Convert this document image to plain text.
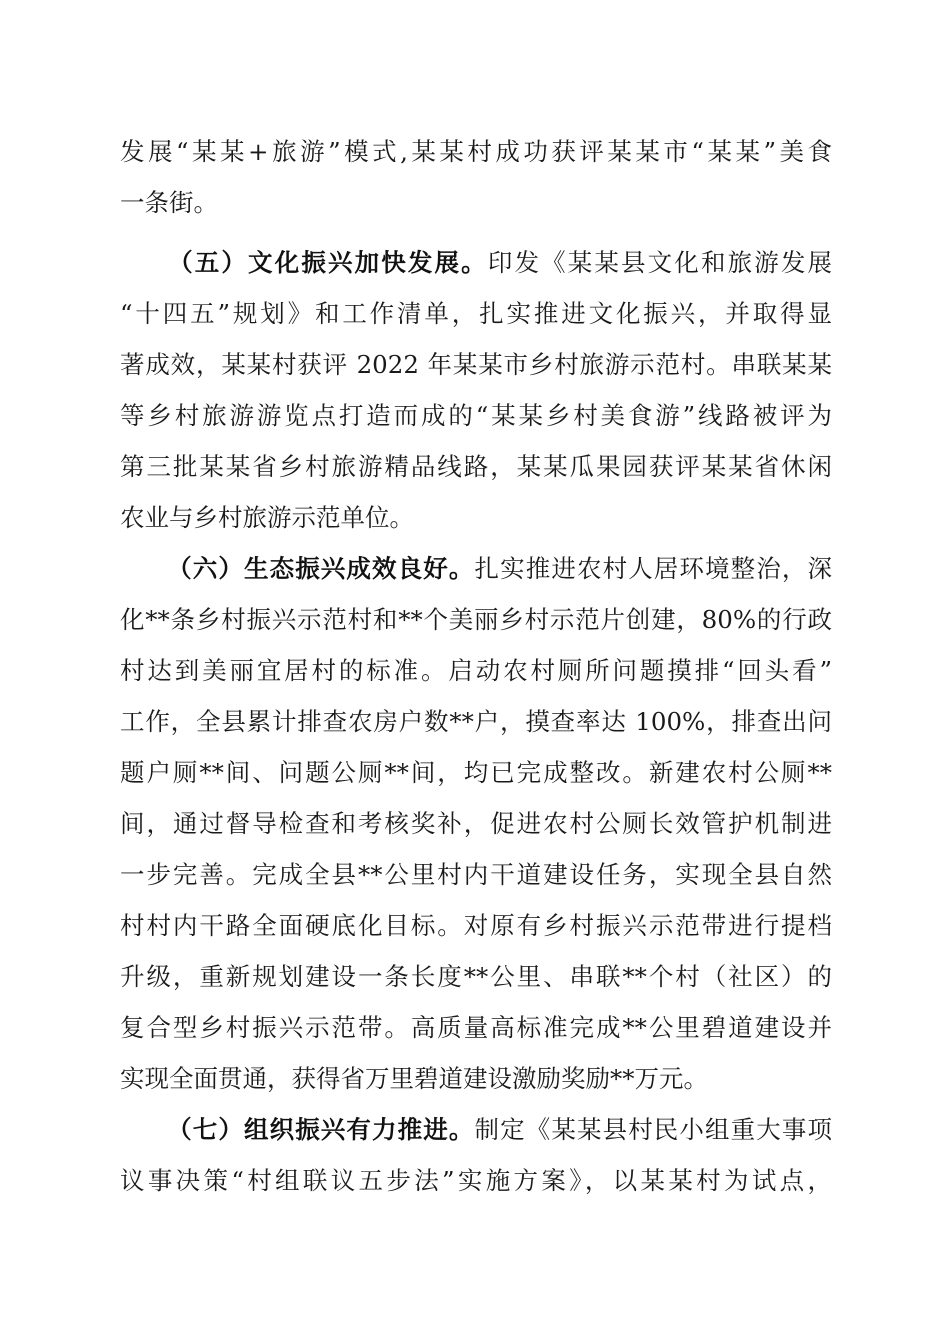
发展“某某+旅游”模式,某某村成功获评某某市“某某”美食
一条街。
（五）文化振兴加快发展。印发《某某县文化和旅游发展
“十四五”规划》和工作清单，扎实推进文化振兴，并取得显
著成效，某某村获评 2022 年某某市乡村旅游示范村。串联某某
等乡村旅游游览点打造而成的“某某乡村美食游”线路被评为
第三批某某省乡村旅游精品线路，某某瓜果园获评某某省休闲
农业与乡村旅游示范单位。
（六）生态振兴成效良好。扎实推进农村人居环境整治，深
化**条乡村振兴示范村和**个美丽乡村示范片创建，80%的行政
村达到美丽宜居村的标准。启动农村厕所问题摸排“回头看”
工作，全县累计排查农房户数**户，摸查率达 100%，排查出问
题户厕**间、问题公厕**间，均已完成整改。新建农村公厕**
间，通过督导检查和考核奖补，促进农村公厕长效管护机制进
一步完善。完成全县**公里村内干道建设任务，实现全县自然
村村内干路全面硬底化目标。对原有乡村振兴示范带进行提档
升级，重新规划建设一条长度**公里、串联**个村（社区）的
复合型乡村振兴示范带。高质量高标准完成**公里碧道建设并
实现全面贯通，获得省万里碧道建设激励奖励**万元。
（七）组织振兴有力推进。制定《某某县村民小组重大事项
议事决策“村组联议五步法”实施方案》，以某某村为试点，
